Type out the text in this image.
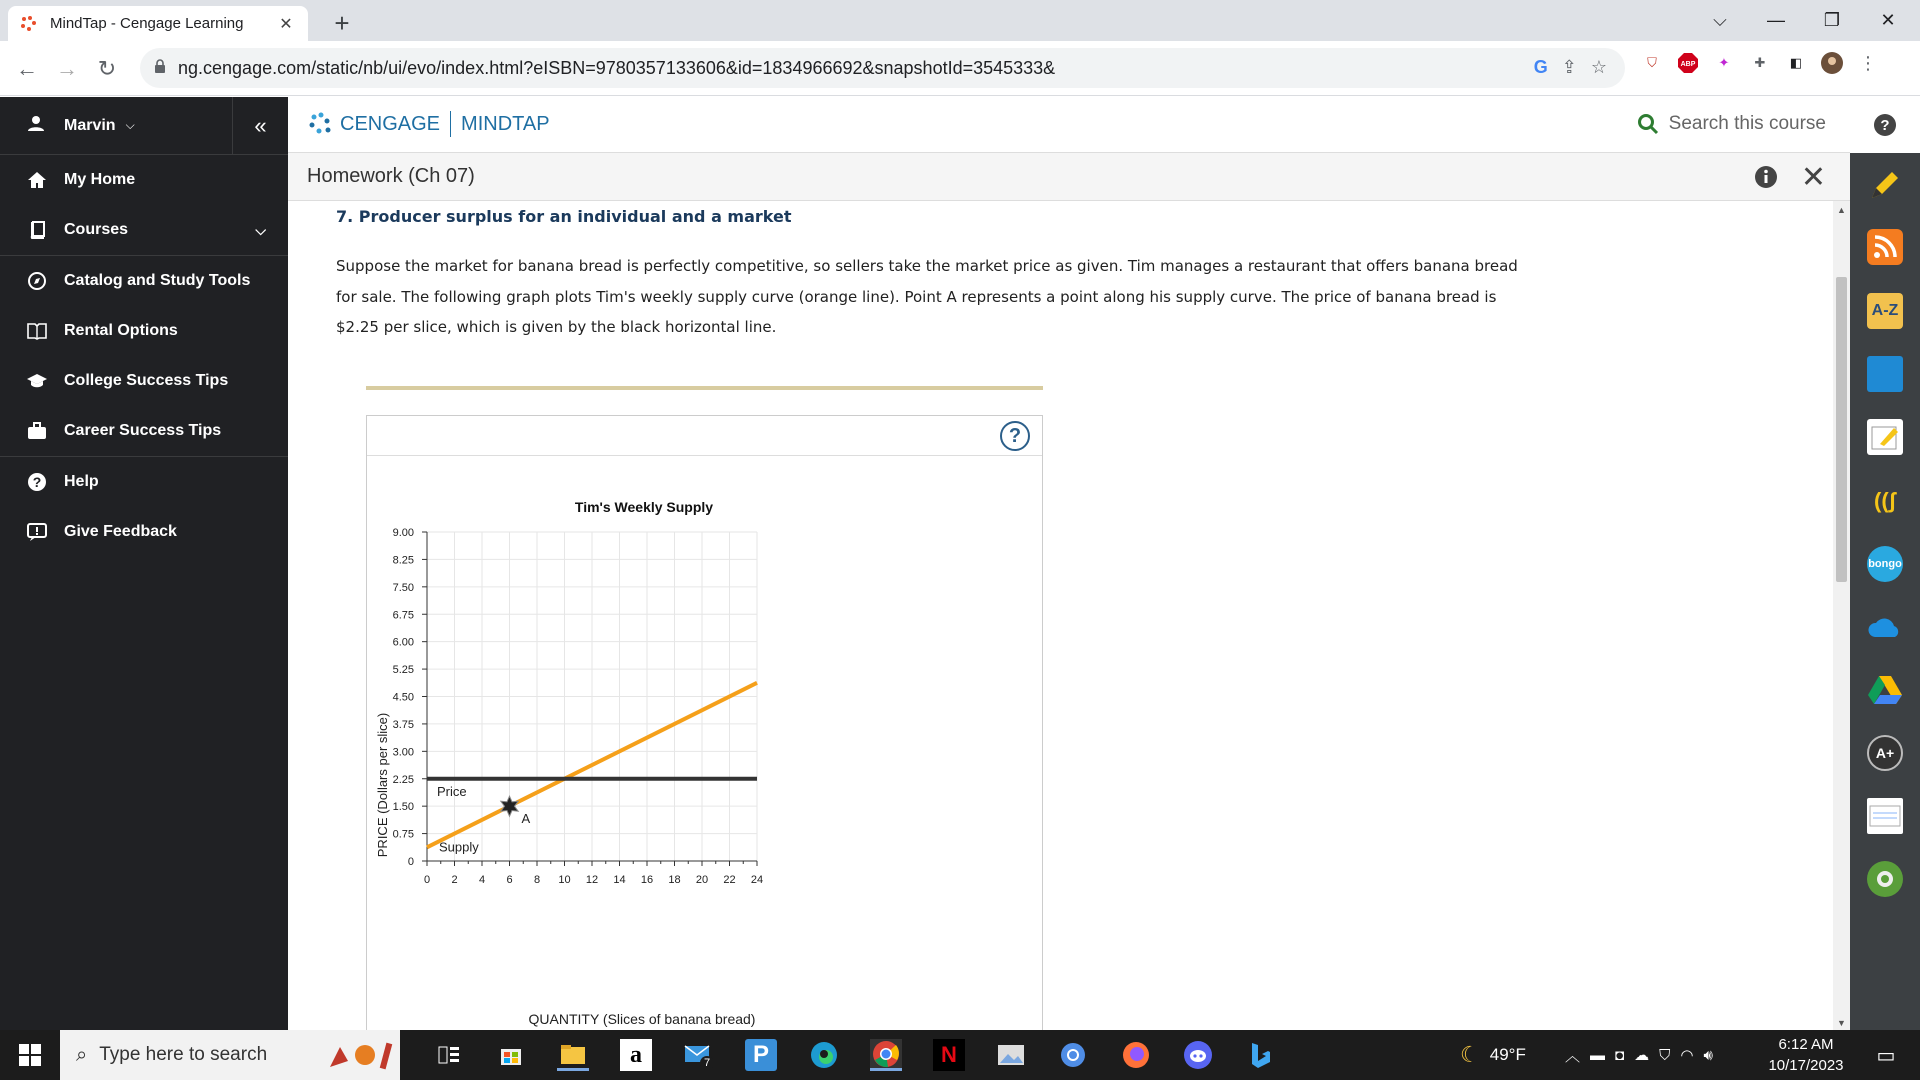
MindTap - Cengage Learning	✕ +	⌵	—	❐	✕
← → ↻	ng.cengage.com/static/nb/ui/evo/index.html?eISBN=9780357133606&id=1834966692&snapshotId=3545333&	G ⇪ ☆	⛉	ABP	✦	✚	◧	⋮
Marvin ⌵	«
My Home
Courses	⌵
Catalog and Study Tools
Rental Options
College Success Tips
Career Success Tips
? Help
Give Feedback
CENGAGE MINDTAP	Search this course	?
Homework (Ch 07)	✕
7. Producer surplus for an individual and a market
Suppose the market for banana bread is perfectly competitive, so sellers take the market price as given. Tim manages a restaurant that offers banana bread for sale. The following graph plots Tim's weekly supply curve (orange line). Point A represents a point along his supply curve. The price of banana bread is $2.25 per slice, which is given by the black horizontal line.
?
Tim's Weekly Supply
0 2 4 6 8 10 12 14 16 18 20 22 24
0
0.75
1.50
2.25
3.00
3.75
4.50
5.25
6.00
6.75
7.50
8.25
9.00
Supply
Price
A
QUANTITY (Slices of banana bread)
PRICE (Dollars per slice)
▲
▼
A-Z
((ʃ
bongo
A+
⌕ Type here to search	a	7	P	N	☾ 49°F	︿ ▬ ◘ ☁ ⛉ ◠ 🔊︎
6:12 AM
10/17/2023	▭
